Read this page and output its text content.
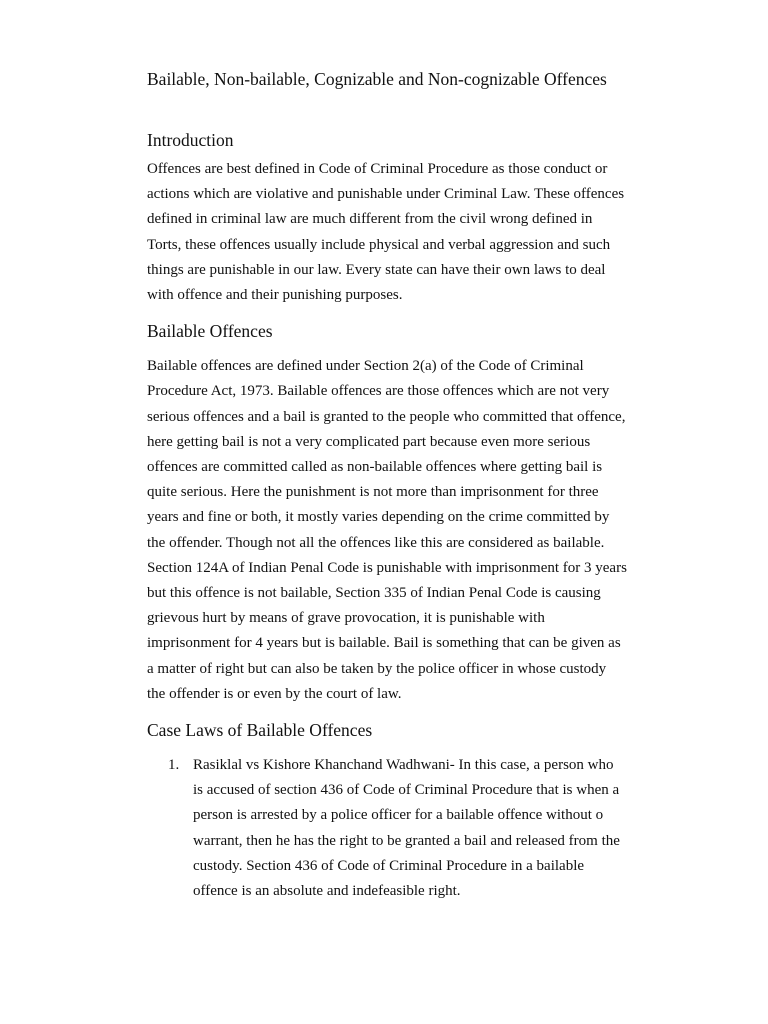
Bailable, Non-bailable, Cognizable and Non-cognizable Offences
Introduction

Offences are best defined in Code of Criminal Procedure as those conduct or actions which are violative and punishable under Criminal Law. These offences defined in criminal law are much different from the civil wrong defined in Torts, these offences usually include physical and verbal aggression and such things are punishable in our law. Every state can have their own laws to deal with offence and their punishing purposes.

Bailable Offences

Bailable offences are defined under Section 2(a) of the Code of Criminal Procedure Act, 1973. Bailable offences are those offences which are not very serious offences and a bail is granted to the people who committed that offence, here getting bail is not a very complicated part because even more serious offences are committed called as non-bailable offences where getting bail is quite serious. Here the punishment is not more than imprisonment for three years and fine or both, it mostly varies depending on the crime committed by the offender. Though not all the offences like this are considered as bailable. Section 124A of Indian Penal Code is punishable with imprisonment for 3 years but this offence is not bailable, Section 335 of Indian Penal Code is causing grievous hurt by means of grave provocation, it is punishable with imprisonment for 4 years but is bailable. Bail is something that can be given as a matter of right but can also be taken by the police officer in whose custody the offender is or even by the court of law.

Case Laws of Bailable Offences
1. Rasiklal vs Kishore Khanchand Wadhwani- In this case, a person who is accused of section 436 of Code of Criminal Procedure that is when a person is arrested by a police officer for a bailable offence without o warrant, then he has the right to be granted a bail and released from the custody. Section 436 of Code of Criminal Procedure in a bailable offence is an absolute and indefeasible right.
